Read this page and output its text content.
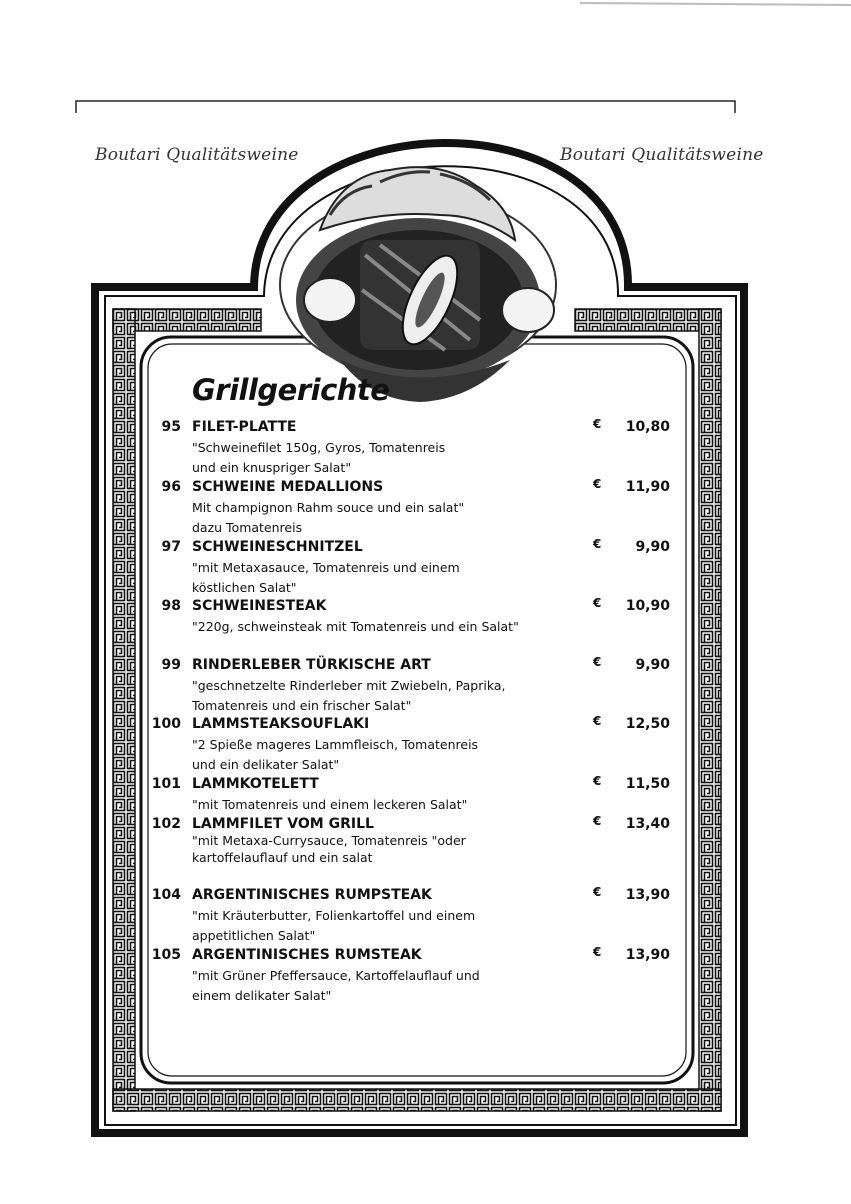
Boutari Qualitätsweine	Boutari Qualitätsweine
Grillgerichte
95 FILET-PLATTE	€	10,80
"Schweinefilet 150g, Gyros, Tomatenreis
und ein knuspriger Salat"
96 SCHWEINE MEDALLIONS	€	11,90
Mit champignon Rahm souce und ein salat"
dazu Tomatenreis
97 SCHWEINESCHNITZEL	€	9,90
"mit Metaxasauce, Tomatenreis und einem
köstlichen Salat"
98 SCHWEINESTEAK	€	10,90
"220g, schweinsteak mit Tomatenreis und ein Salat"
99 RINDERLEBER TÜRKISCHE ART	€	9,90
"geschnetzelte Rinderleber mit Zwiebeln, Paprika,
Tomatenreis und ein frischer Salat"
100 LAMMSTEAKSOUFLAKI	€	12,50
"2 Spieße mageres Lammfleisch, Tomatenreis
und ein delikater Salat"
101 LAMMKOTELETT	€	11,50
"mit Tomatenreis und einem leckeren Salat"
102 LAMMFILET VOM GRILL	€	13,40
"mit Metaxa-Currysauce, Tomatenreis "oder
kartoffelauflauf und ein salat
104 ARGENTINISCHES RUMPSTEAK	€	13,90
"mit Kräuterbutter, Folienkartoffel und einem
appetitlichen Salat"
105 ARGENTINISCHES RUMSTEAK	€	13,90
"mit Grüner Pfeffersauce, Kartoffelauflauf und
einem delikater Salat"
